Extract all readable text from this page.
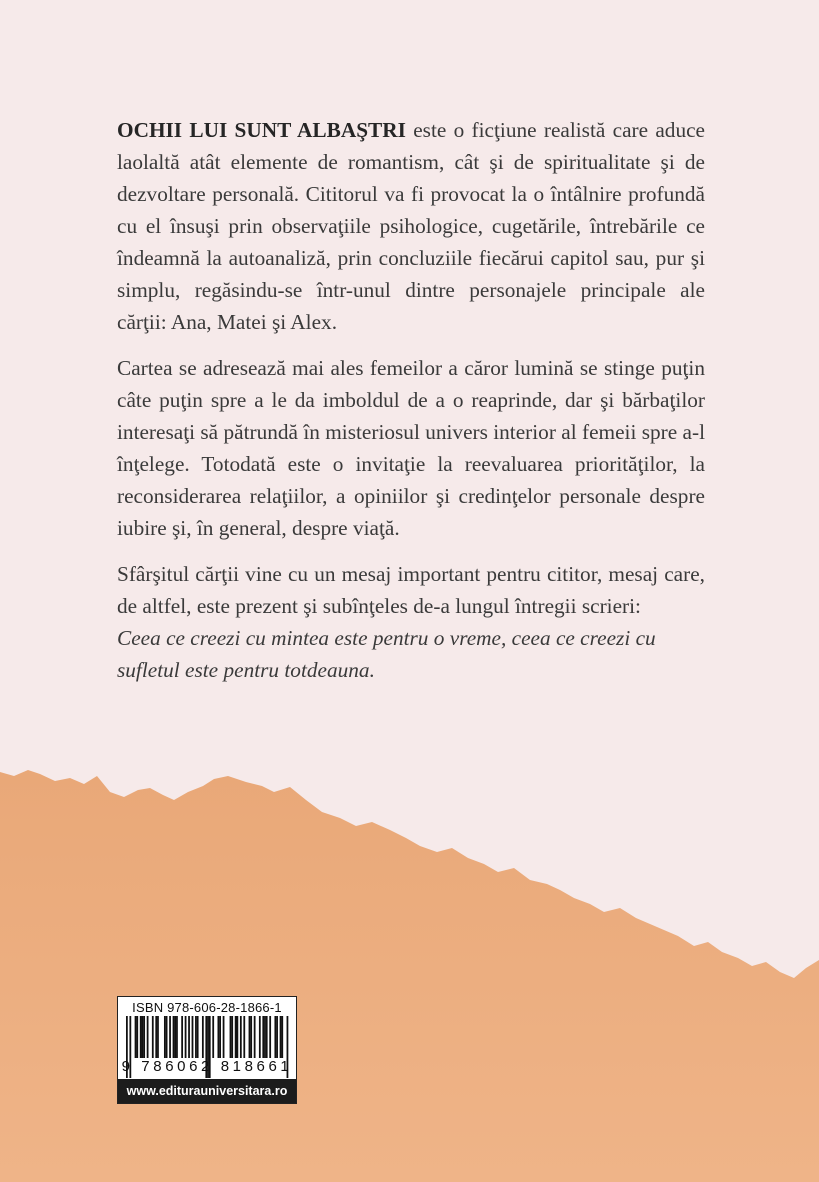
OCHII LUI SUNT ALBAŞTRI este o ficţiune realistă care aduce laolaltă atât elemente de romantism, cât şi de spiritualitate şi de dezvoltare personală. Cititorul va fi provocat la o întâlnire profundă cu el însuşi prin observaţiile psihologice, cugetările, întrebările ce îndeamnă la autoanaliză, prin concluziile fiecărui capitol sau, pur şi simplu, regăsindu-se într-unul dintre personajele principale ale cărţii: Ana, Matei şi Alex.

Cartea se adresează mai ales femeilor a căror lumină se stinge puţin câte puţin spre a le da imboldul de a o reaprinde, dar şi bărbaţilor interesaţi să pătrundă în misteriosul univers interior al femeii spre a-l înţelege. Totodată este o invitaţie la reevaluarea priorităţilor, la reconsiderarea relaţiilor, a opiniilor şi credinţelor personale despre iubire şi, în general, despre viaţă.

Sfârşitul cărţii vine cu un mesaj important pentru cititor, mesaj care, de altfel, este prezent şi subînţeles de-a lungul întregii scrieri:
Ceea ce creezi cu mintea este pentru o vreme, ceea ce creezi cu sufletul este pentru totdeauna.

ISBN 978-606-28-1866-1
9 786062 818661
www.editurauniversitara.ro
